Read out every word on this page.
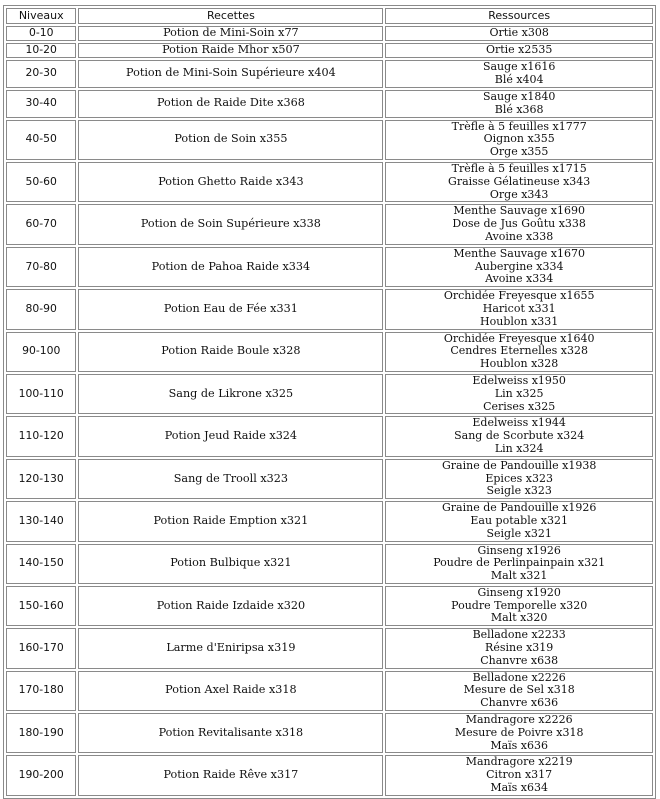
Niveaux	Recettes	Ressources
0-10	Potion de Mini-Soin x77	Ortie x308

10-20	Potion Raide Mhor x507	Ortie x2535

20-30	Potion de Mini-Soin Supérieure x404	Sauge x1616
Blé x404

30-40	Potion de Raide Dite x368	Sauge x1840
Blé x368

40-50	Potion de Soin x355	Trèfle à 5 feuilles x1777
Oignon x355
Orge x355

50-60	Potion Ghetto Raide x343	Trèfle à 5 feuilles x1715
Graisse Gélatineuse x343
Orge x343

60-70	Potion de Soin Supérieure x338	Menthe Sauvage x1690
Dose de Jus Goûtu x338
Avoine x338

70-80	Potion de Pahoa Raide x334	Menthe Sauvage x1670
Aubergine x334
Avoine x334

80-90	Potion Eau de Fée x331	Orchidée Freyesque x1655
Haricot x331
Houblon x331

90-100	Potion Raide Boule x328	Orchidée Freyesque x1640
Cendres Eternelles x328
Houblon x328

100-110	Sang de Likrone x325	Edelweiss x1950
Lin x325
Cerises x325

110-120	Potion Jeud Raide x324	Edelweiss x1944
Sang de Scorbute x324
Lin x324

120-130	Sang de Trooll x323	Graine de Pandouille x1938
Epices x323
Seigle x323

130-140	Potion Raide Emption x321	Graine de Pandouille x1926
Eau potable x321
Seigle x321

140-150	Potion Bulbique x321	Ginseng x1926
Poudre de Perlinpainpain x321
Malt x321

150-160	Potion Raide Izdaide x320	Ginseng x1920
Poudre Temporelle x320
Malt x320

160-170	Larme d'Eniripsa x319	Belladone x2233
Résine x319
Chanvre x638

170-180	Potion Axel Raide x318	Belladone x2226
Mesure de Sel x318
Chanvre x636

180-190	Potion Revitalisante x318	Mandragore x2226
Mesure de Poivre x318
Maïs x636

190-200	Potion Raide Rêve x317	Mandragore x2219
Citron x317
Maïs x634
